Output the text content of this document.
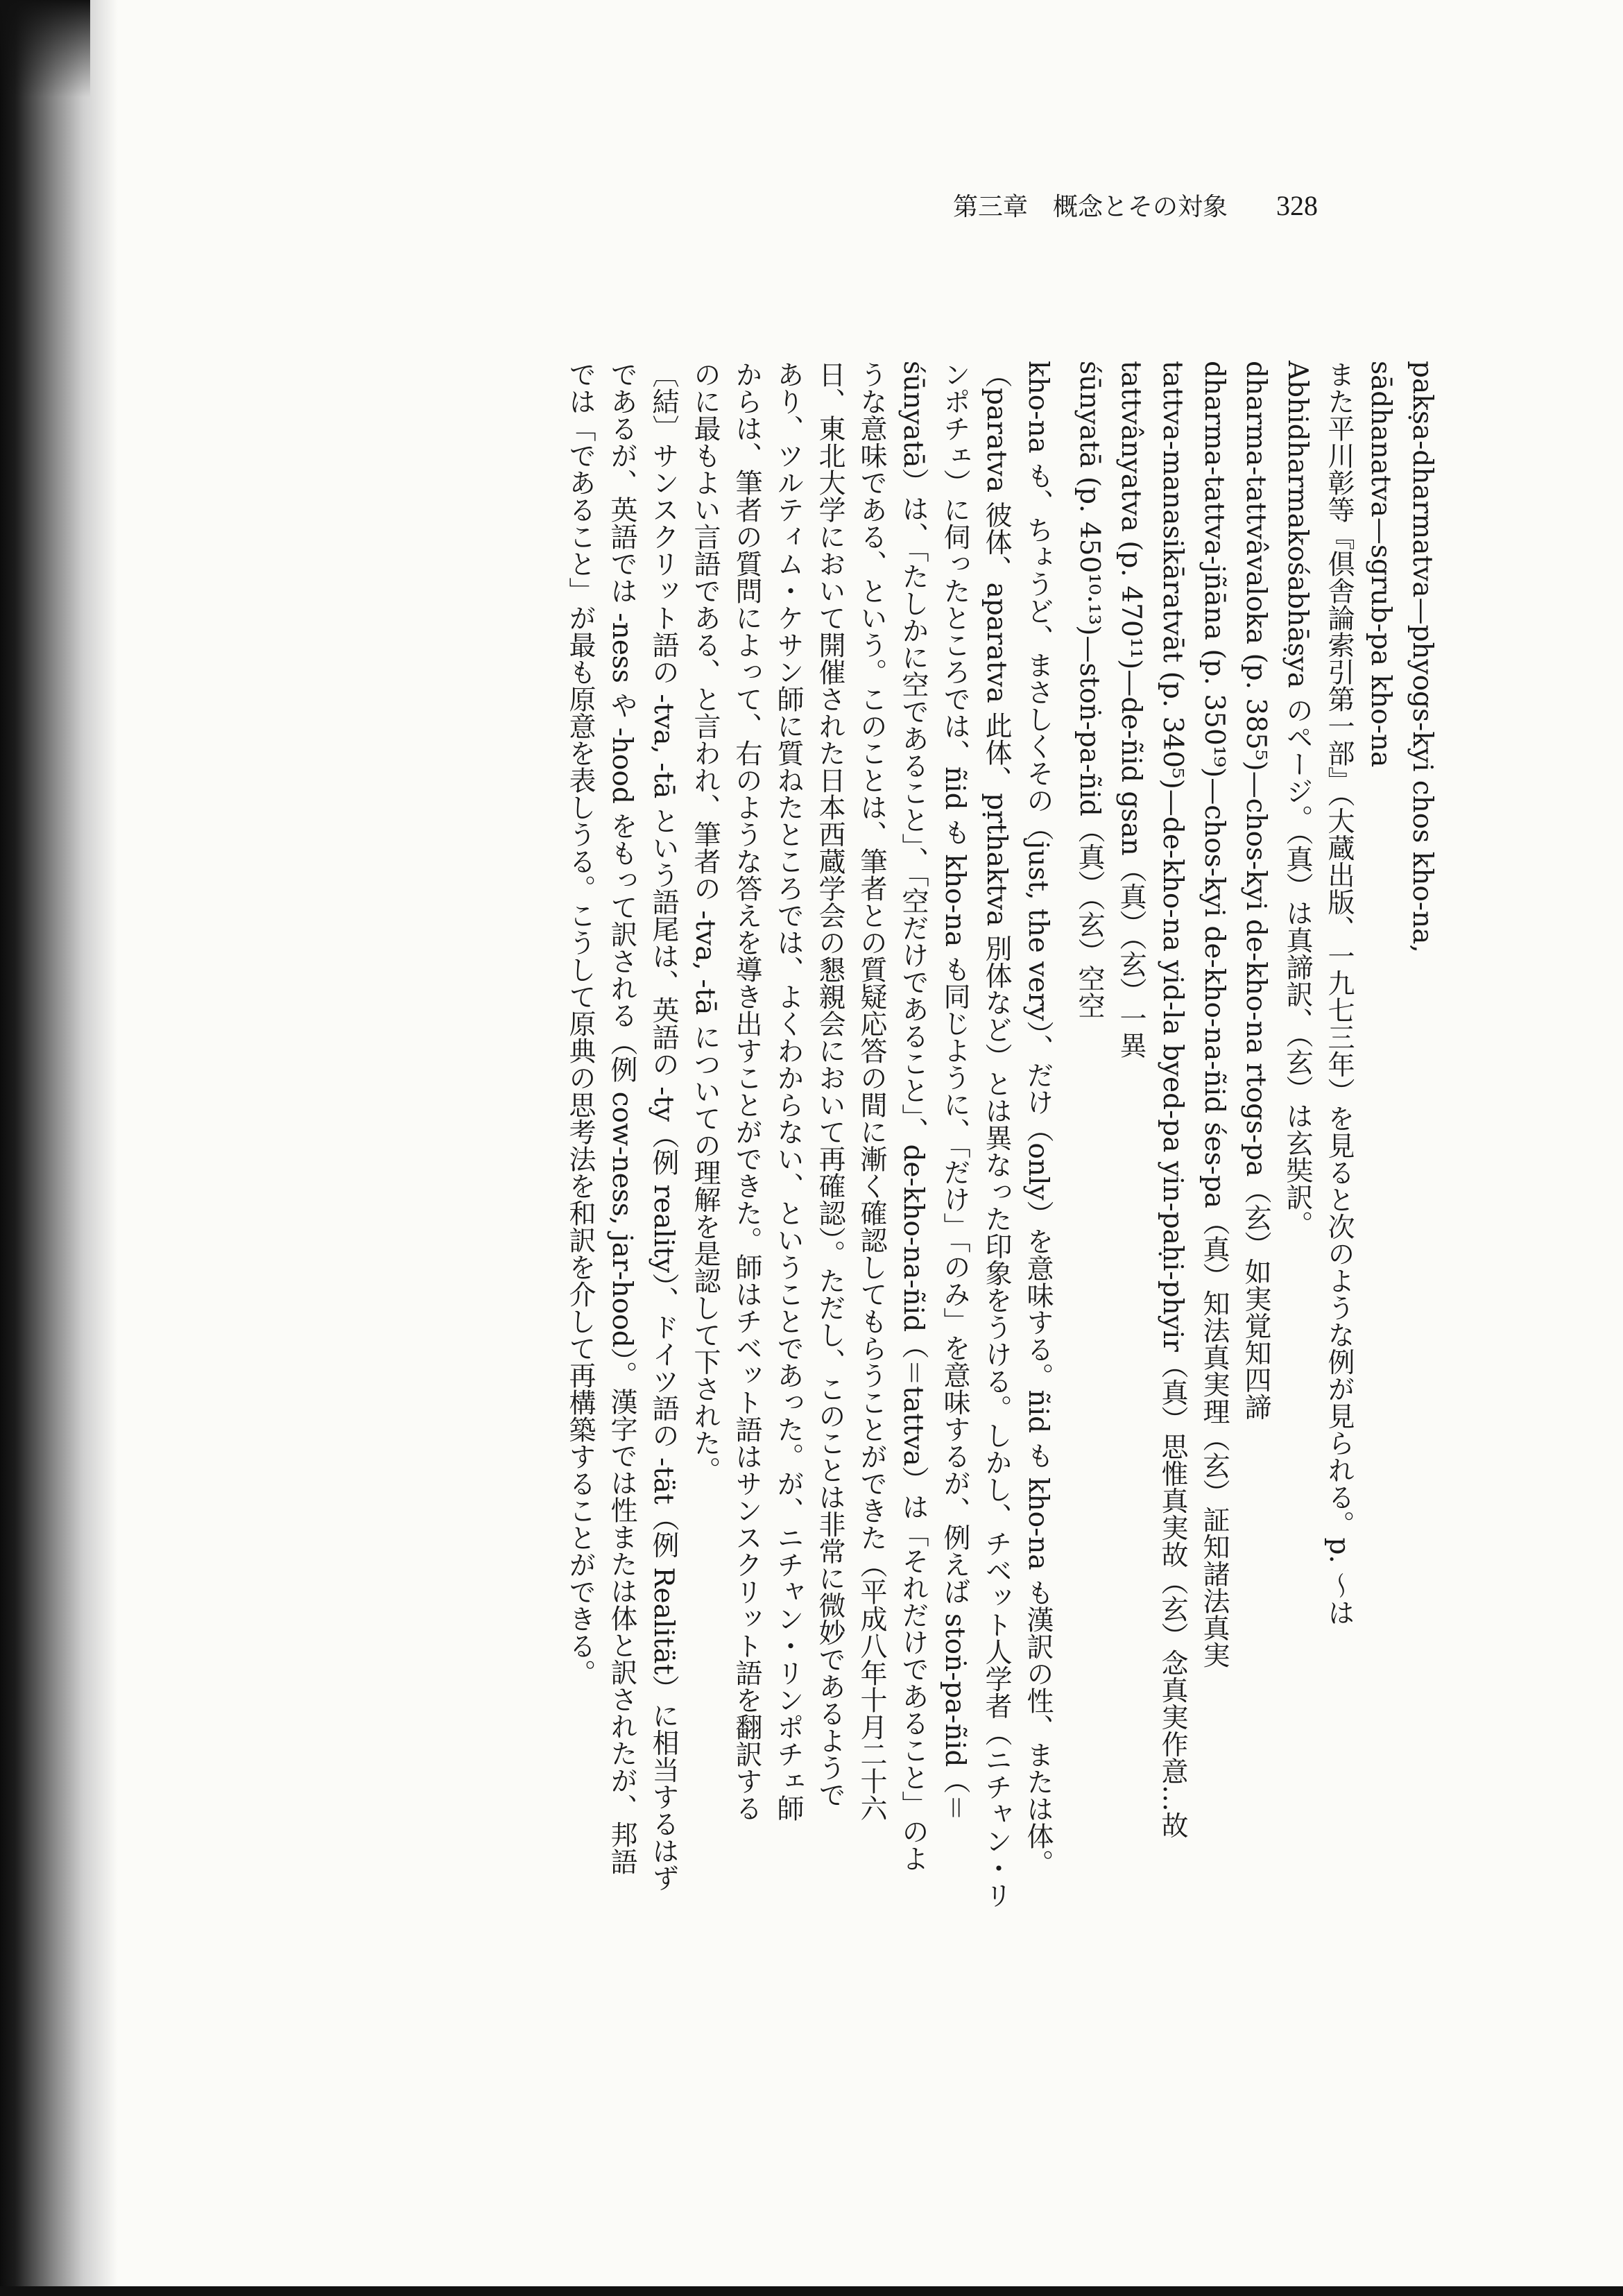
第三章　概念とその対象 328
pakṣa-dharmatva—phyogs-kyi chos kho-na,
sādhanatva—sgrub-pa kho-na
また平川彰等『倶舎論索引第一部』（大蔵出版、一九七三年）を見ると次のような例が見られる。p. 〜は
Abhidharmakośabhāṣya のページ。（真）は真諦訳、（玄）は玄奘訳。
dharma-tattvâvaloka (p. 385⁵)—chos-kyi de-kho-na rtogs-pa（玄）如実覚知四諦
dharma-tattva-jñāna (p. 350¹⁹)—chos-kyi de-kho-na-ñid śes-pa（真）知法真実理（玄）証知諸法真実
tattva-manasikāratvāt (p. 340⁵)—de-kho-na yid-la byed-pa yin-paḥi-phyir（真）思惟真実故（玄）念真実作意…故
tattvânyatva (p. 470¹¹)—de-ñid gsan（真）（玄）一異
śūnyatā (p. 450¹⁰·¹³)—stoṅ-pa-ñid（真）（玄）空空
kho-na も、ちょうど、まさしくその（just, the very）、だけ（only）を意味する。ñid も kho-na も漢訳の性、または体。
（paratva 彼体、aparatva 此体、pṛthaktva 別体など）とは異なった印象をうける。しかし、チベット人学者（ニチャン・リ
ンポチェ）に伺ったところでは、ñid も kho-na も同じように、「だけ」「のみ」を意味するが、例えば stoṅ-pa-ñid（＝
śūnyatā）は、「たしかに空であること」、「空だけであること」、de-kho-na-ñid（＝tattva）は「それだけであること」のよ
うな意味である、という。このことは、筆者との質疑応答の間に漸く確認してもらうことができた（平成八年十月二十六
日、東北大学において開催された日本西蔵学会の懇親会において再確認）。ただし、このことは非常に微妙であるようで
あり、ツルティム・ケサン師に質ねたところでは、よくわからない、ということであった。が、ニチャン・リンポチェ師
からは、筆者の質問によって、右のような答えを導き出すことができた。師はチベット語はサンスクリット語を翻訳する
のに最もよい言語である、と言われ、筆者の -tva, -tā についての理解を是認して下された。
〔結〕サンスクリット語の -tva, -tā という語尾は、英語の -ty（例 reality）、ドイツ語の -tät（例 Realität）に相当するはず
であるが、英語では -ness や -hood をもって訳される（例 cow-ness, jar-hood）。漢字では性または体と訳されたが、邦語
では「であること」が最も原意を表しうる。こうして原典の思考法を和訳を介して再構築することができる。
